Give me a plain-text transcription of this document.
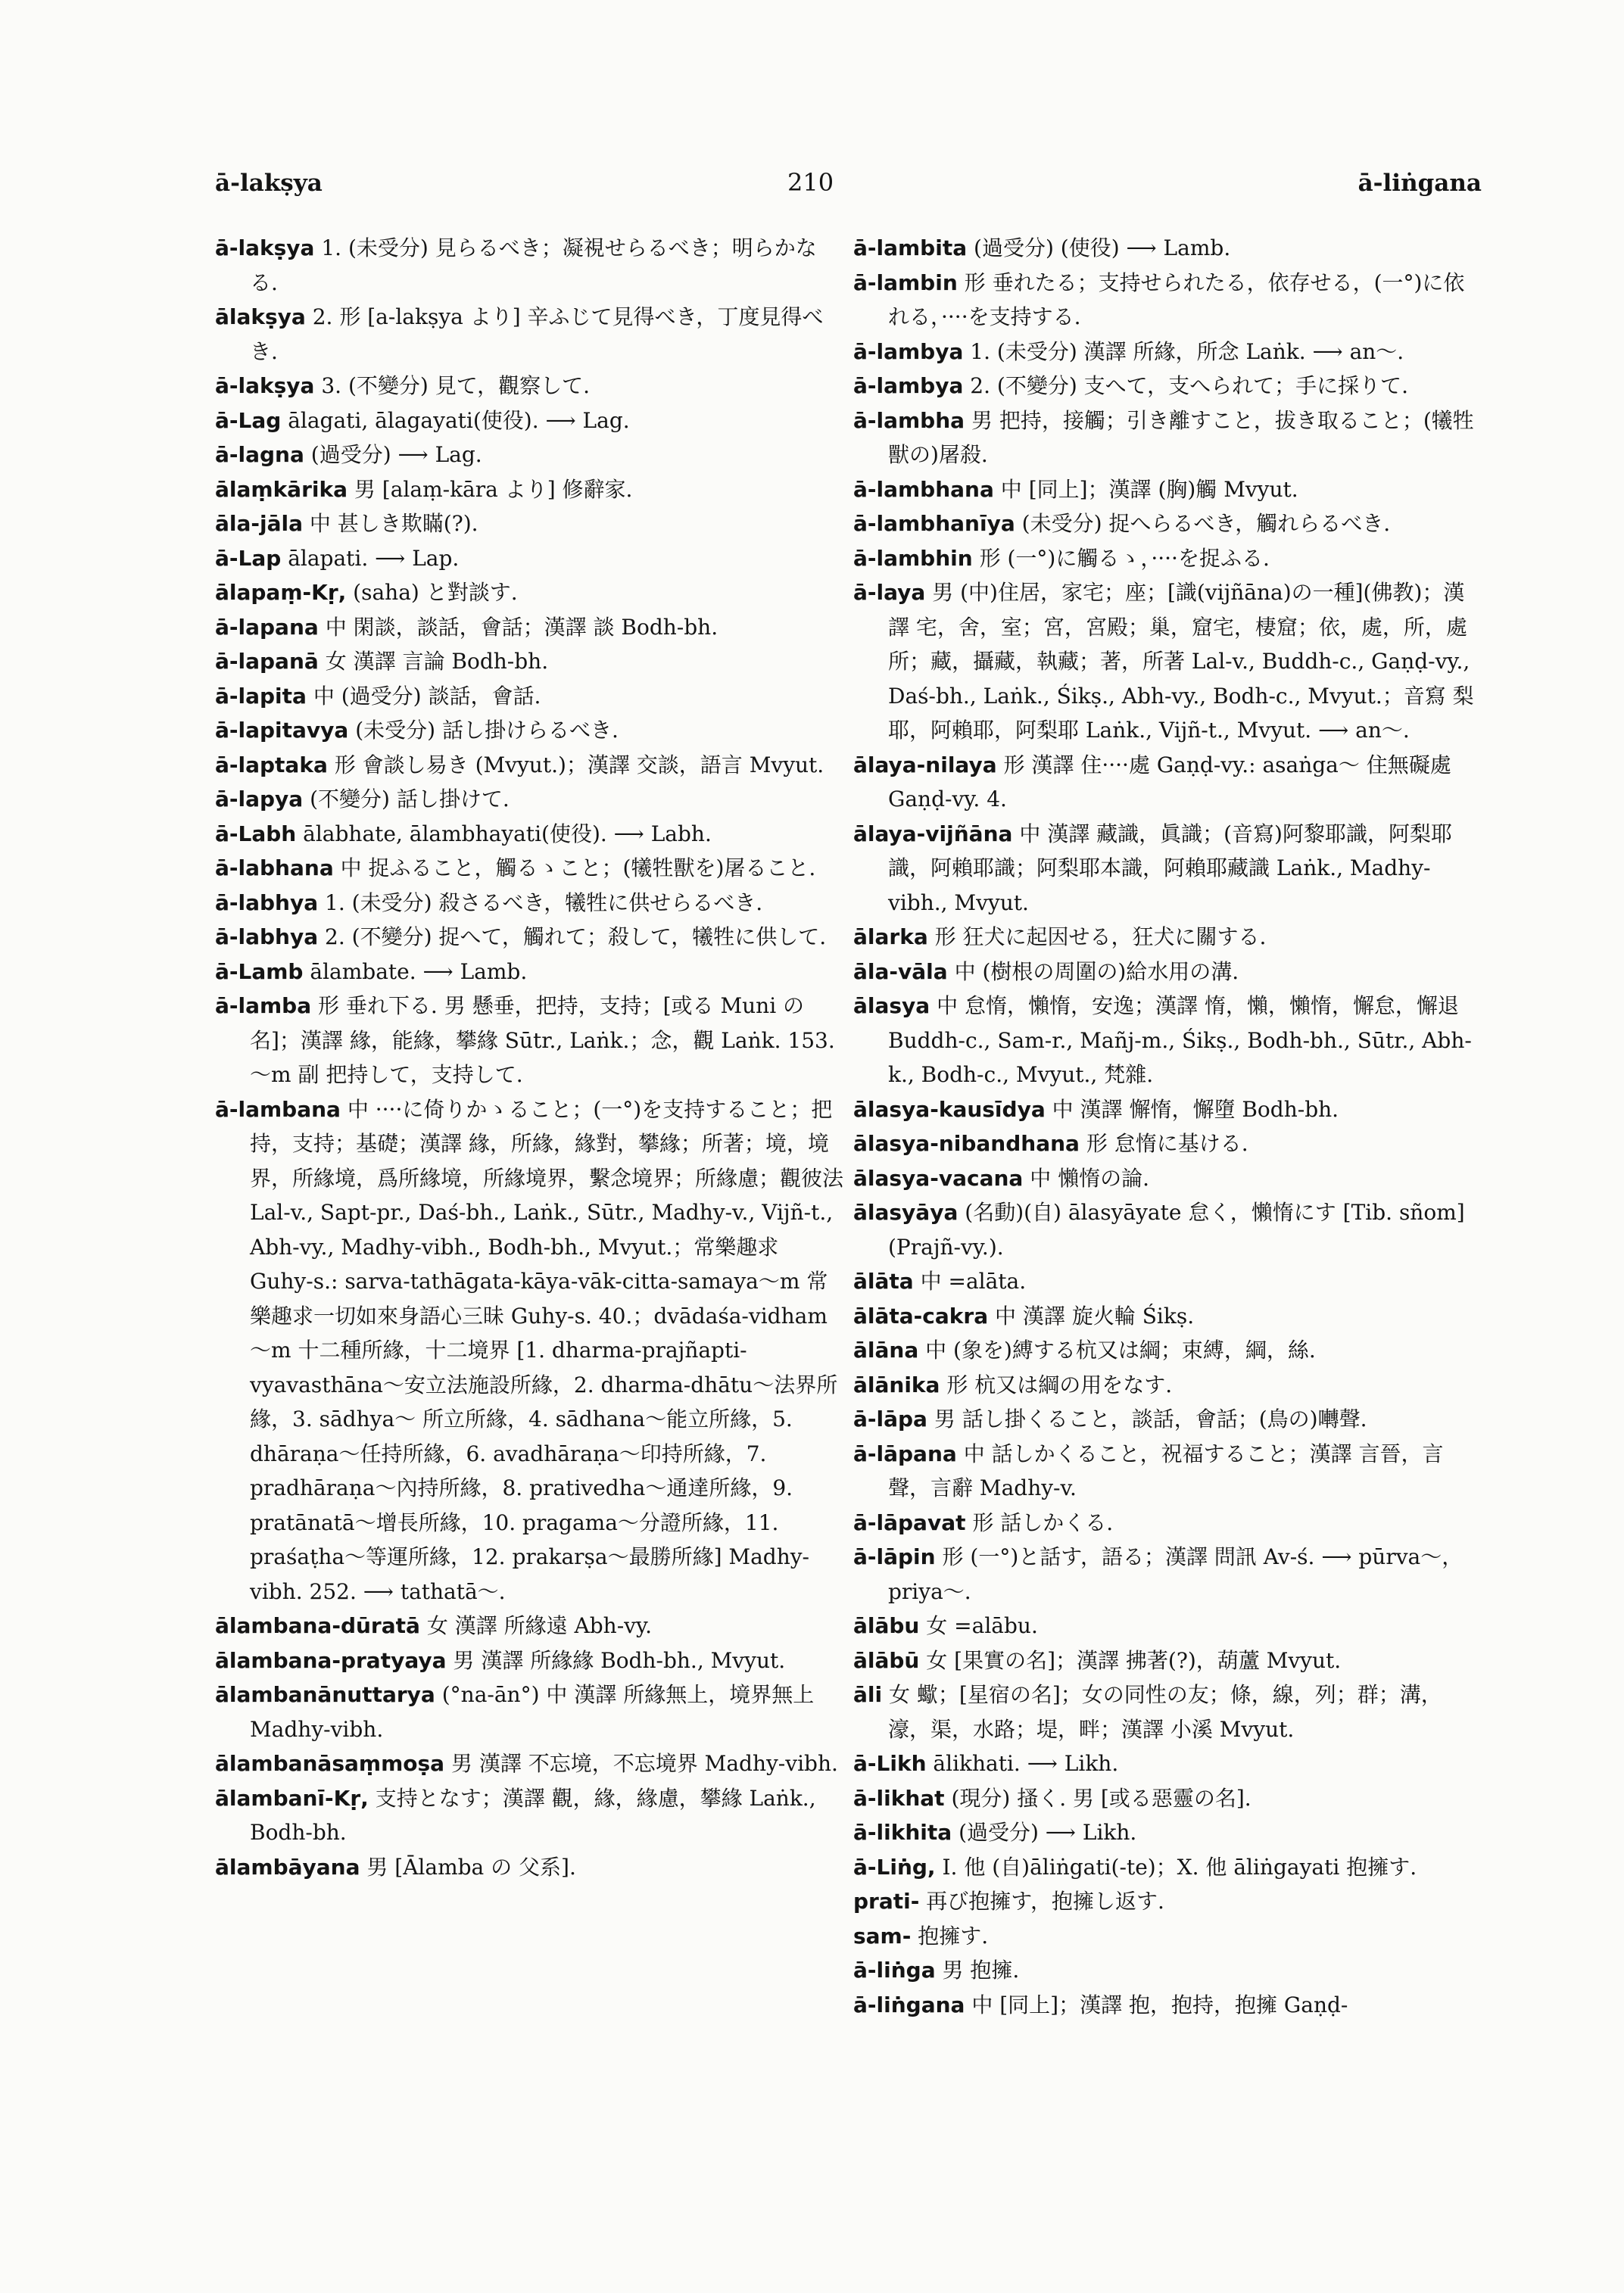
ā-lakṣya	210	ā-liṅgana

ā-lakṣya 1. (未受分) 見らるべき；凝視せらるべき；明らかなる.

ālakṣya 2. 形 [a-lakṣya より] 辛ふじて見得べき，丁度見得べき.

ā-lakṣya 3. (不變分) 見て，觀察して.

ā-Lag ālagati, ālagayati(使役). ⟶ Lag.

ā-lagna (過受分) ⟶ Lag.

ālaṃkārika 男 [alaṃ-kāra より] 修辭家.

āla-jāla 中 甚しき欺瞞(?).

ā-Lap ālapati. ⟶ Lap.

ālapaṃ-Kṛ, (saha) と對談す.

ā-lapana 中 閑談，談話，會話；漢譯 談 Bodh-bh.

ā-lapanā 女 漢譯 言論 Bodh-bh.

ā-lapita 中 (過受分) 談話，會話.

ā-lapitavya (未受分) 話し掛けらるべき.

ā-laptaka 形 會談し易き (Mvyut.)；漢譯 交談，語言 Mvyut.

ā-lapya (不變分) 話し掛けて.

ā-Labh ālabhate, ālambhayati(使役). ⟶ Labh.

ā-labhana 中 捉ふること，觸るゝこと；(犧牲獸を)屠ること.

ā-labhya 1. (未受分) 殺さるべき，犧牲に供せらるべき.

ā-labhya 2. (不變分) 捉へて，觸れて；殺して，犧牲に供して.

ā-Lamb ālambate. ⟶ Lamb.

ā-lamba 形 垂れ下る. 男 懸垂，把持，支持；[或る Muni の名]；漢譯 緣，能緣，攀緣 Sūtr., Laṅk.；念，觀 Laṅk. 153. ～m 副 把持して，支持して.

ā-lambana 中 ····に倚りかゝること；(一°)を支持すること；把持，支持；基礎；漢譯 緣，所緣，緣對，攀緣；所著；境，境界，所緣境，爲所緣境，所緣境界，繫念境界；所緣慮；觀彼法 Lal-v., Sapt-pr., Daś-bh., Laṅk., Sūtr., Madhy-v., Vijñ-t., Abh-vy., Madhy-vibh., Bodh-bh., Mvyut.；常樂趣求 Guhy-s.: sarva-tathāgata-kāya-vāk-citta-samaya～m 常樂趣求一切如來身語心三昧 Guhy-s. 40.；dvādaśa-vidham ～m 十二種所緣，十二境界 [1. dharma-prajñapti-vyavasthāna～安立法施設所緣，2. dharma-dhātu～法界所緣，3. sādhya～ 所立所緣，4. sādhana～能立所緣，5. dhāraṇa～任持所緣，6. avadhāraṇa～印持所緣，7. pradhāraṇa～內持所緣，8. prativedha～通達所緣，9. pratānatā～增長所緣，10. pragama～分證所緣，11. praśaṭha～等運所緣，12. prakarṣa～最勝所緣] Madhy-vibh. 252. ⟶ tathatā～.

ālambana-dūratā 女 漢譯 所緣遠 Abh-vy.

ālambana-pratyaya 男 漢譯 所緣緣 Bodh-bh., Mvyut.

ālambanānuttarya (°na-ān°) 中 漢譯 所緣無上，境界無上 Madhy-vibh.

ālambanāsaṃmoṣa 男 漢譯 不忘境，不忘境界 Madhy-vibh.

ālambanī-Kṛ, 支持となす；漢譯 觀，緣，緣慮，攀緣 Laṅk., Bodh-bh.

ālambāyana 男 [Ālamba の 父系].

ā-lambita (過受分) (使役) ⟶ Lamb.

ā-lambin 形 垂れたる；支持せられたる，依存せる，(一°)に依れる，····を支持する.

ā-lambya 1. (未受分) 漢譯 所緣，所念 Laṅk. ⟶ an～.

ā-lambya 2. (不變分) 支へて，支へられて；手に採りて.

ā-lambha 男 把持，接觸；引き離すこと，拔き取ること；(犧牲獸の)屠殺.

ā-lambhana 中 [同上]；漢譯 (胸)觸 Mvyut.

ā-lambhanīya (未受分) 捉へらるべき，觸れらるべき.

ā-lambhin 形 (一°)に觸るゝ，····を捉ふる.

ā-laya 男 (中)住居，家宅；座；[識(vijñāna)の一種](佛教)；漢譯 宅，舍，室；宮，宮殿；巢，窟宅，棲窟；依，處，所，處所；藏，攝藏，執藏；著，所著 Lal-v., Buddh-c., Gaṇḍ-vy., Daś-bh., Laṅk., Śikṣ., Abh-vy., Bodh-c., Mvyut.；音寫 梨耶，阿賴耶，阿梨耶 Laṅk., Vijñ-t., Mvyut. ⟶ an～.

ālaya-nilaya 形 漢譯 住····處 Gaṇḍ-vy.: asaṅga～ 住無礙處 Gaṇḍ-vy. 4.

ālaya-vijñāna 中 漢譯 藏識，眞識；(音寫)阿黎耶識，阿梨耶識，阿賴耶識；阿梨耶本識，阿賴耶藏識 Laṅk., Madhy-vibh., Mvyut.

ālarka 形 狂犬に起因せる，狂犬に關する.

āla-vāla 中 (樹根の周圍の)給水用の溝.

ālasya 中 怠惰，懶惰，安逸；漢譯 惰，懶，懶惰，懈怠，懈退 Buddh-c., Sam-r., Mañj-m., Śikṣ., Bodh-bh., Sūtr., Abh-k., Bodh-c., Mvyut., 梵雜.

ālasya-kausīdya 中 漢譯 懈惰，懈墮 Bodh-bh.

ālasya-nibandhana 形 怠惰に基ける.

ālasya-vacana 中 懶惰の論.

ālasyāya (名動)(自) ālasyāyate 怠く，懶惰にす [Tib. sñom] (Prajñ-vy.).

ālāta 中 =alāta.

ālāta-cakra 中 漢譯 旋火輪 Śikṣ.

ālāna 中 (象を)縛する杭又は綱；束縛，綱，絲.

ālānika 形 杭又は綱の用をなす.

ā-lāpa 男 話し掛くること，談話，會話；(鳥の)囀聲.

ā-lāpana 中 話しかくること，祝福すること；漢譯 言晉，言聲，言辭 Madhy-v.

ā-lāpavat 形 話しかくる.

ā-lāpin 形 (一°)と話す，語る；漢譯 問訊 Av-ś. ⟶ pūrva～，priya～.

ālābu 女 =alābu.

ālābū 女 [果實の名]；漢譯 拂著(?)，葫蘆 Mvyut.

āli 女 蠍；[星宿の名]；女の同性の友；條，線，列；群；溝，濠，渠，水路；堤，畔；漢譯 小溪 Mvyut.

ā-Likh ālikhati. ⟶ Likh.

ā-likhat (現分) 搔く. 男 [或る惡靈の名].

ā-likhita (過受分) ⟶ Likh.

ā-Liṅg, I. 他 (自)āliṅgati(-te)；X. 他 āliṅgayati 抱擁す.

prati- 再び抱擁す，抱擁し返す.

sam- 抱擁す.

ā-liṅga 男 抱擁.

ā-liṅgana 中 [同上]；漢譯 抱，抱持，抱擁 Gaṇḍ-
